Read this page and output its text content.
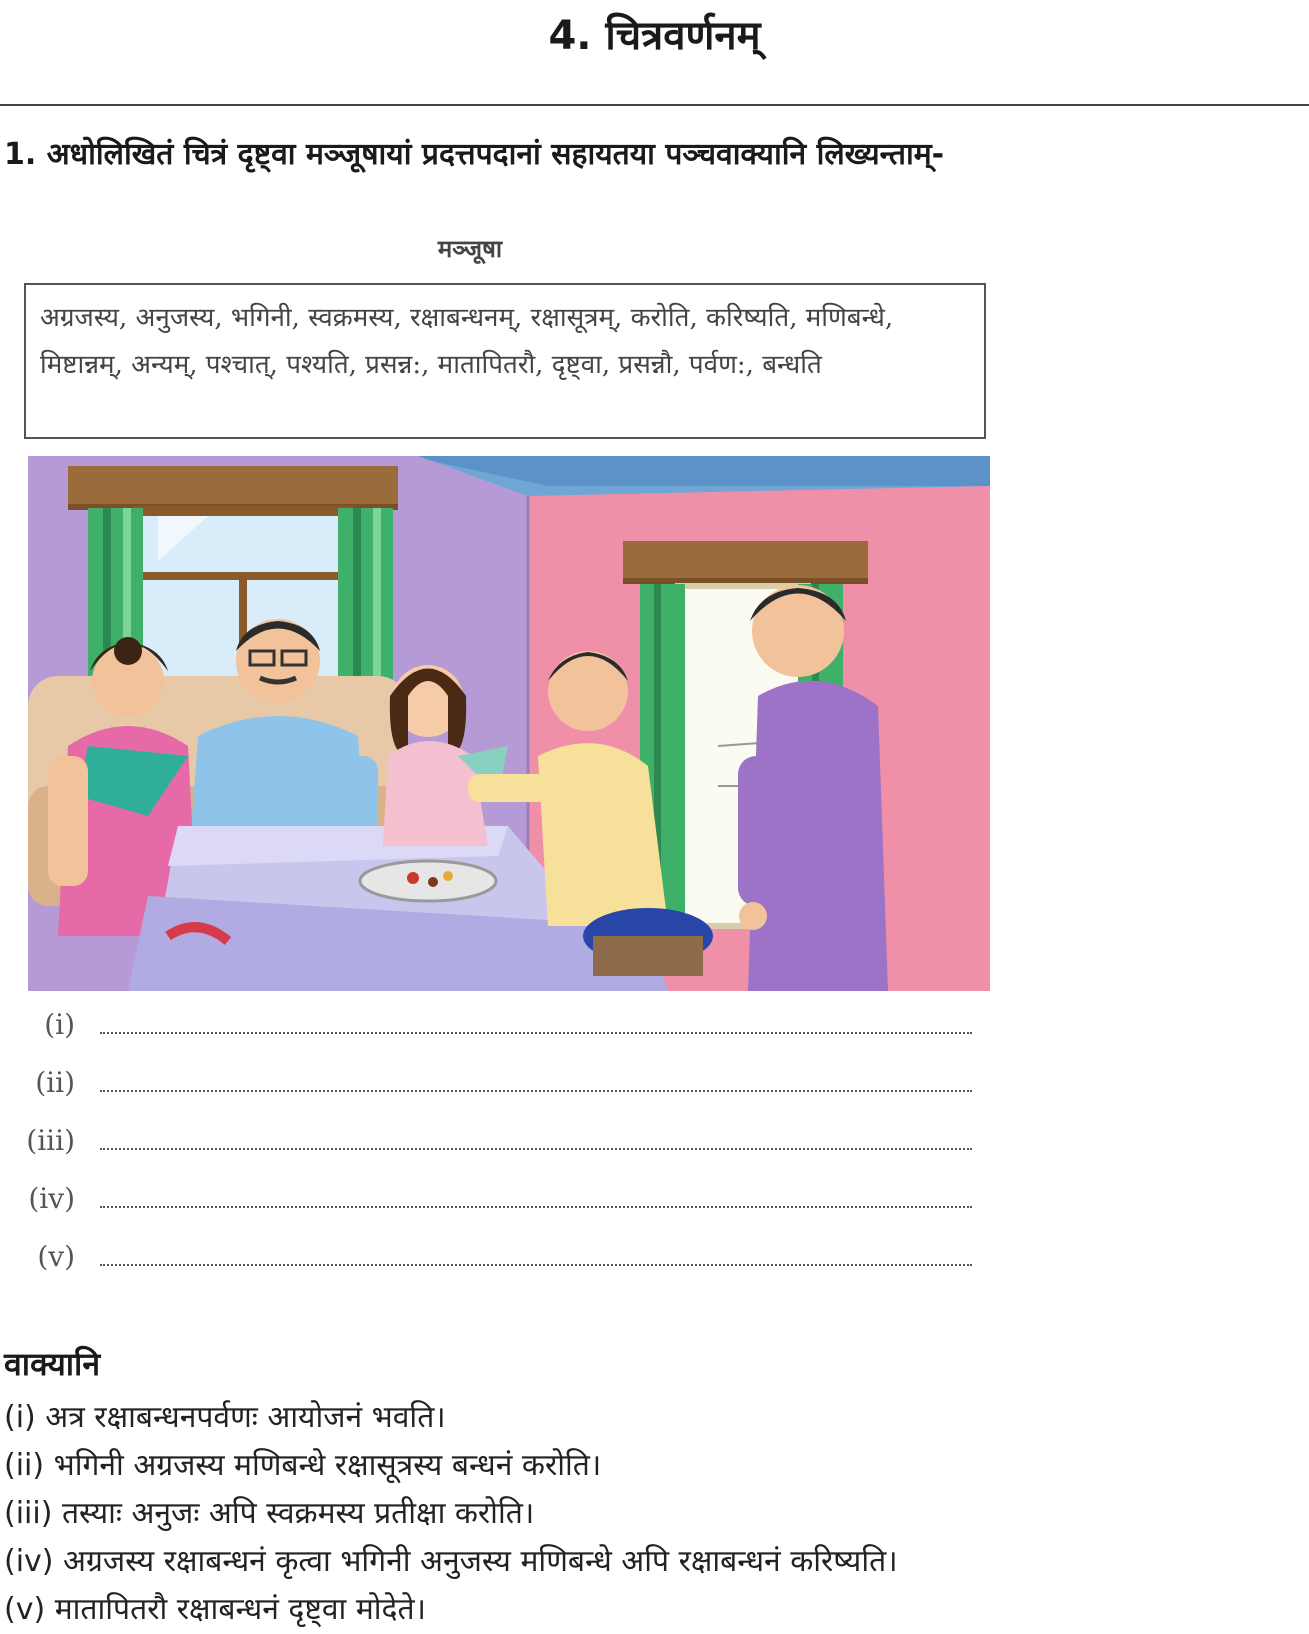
4. चित्रवर्णनम्
1. अधोलिखितं चित्रं दृष्ट्वा मञ्जूषायां प्रदत्तपदानां सहायतया पञ्चवाक्यानि लिख्यन्ताम्-
मञ्जूषा
अग्रजस्य, अनुजस्य, भगिनी, स्वक्रमस्य, रक्षाबन्धनम्, रक्षासूत्रम्, करोति, करिष्यति, मणिबन्धे, मिष्टान्नम्, अन्यम्, पश्चात्, पश्यति, प्रसन्न:, मातापितरौ, दृष्ट्वा, प्रसन्नौ, पर्वण:, बन्धति
(i)
(ii)
(iii)
(iv)
(v)
वाक्यानि
(i) अत्र रक्षाबन्धनपर्वणः आयोजनं भवति।
(ii) भगिनी अग्रजस्य मणिबन्धे रक्षासूत्रस्य बन्धनं करोति।
(iii) तस्याः अनुजः अपि स्वक्रमस्य प्रतीक्षा करोति।
(iv) अग्रजस्य रक्षाबन्धनं कृत्वा भगिनी अनुजस्य मणिबन्धे अपि रक्षाबन्धनं करिष्यति।
(v) मातापितरौ रक्षाबन्धनं दृष्ट्वा मोदेते।
